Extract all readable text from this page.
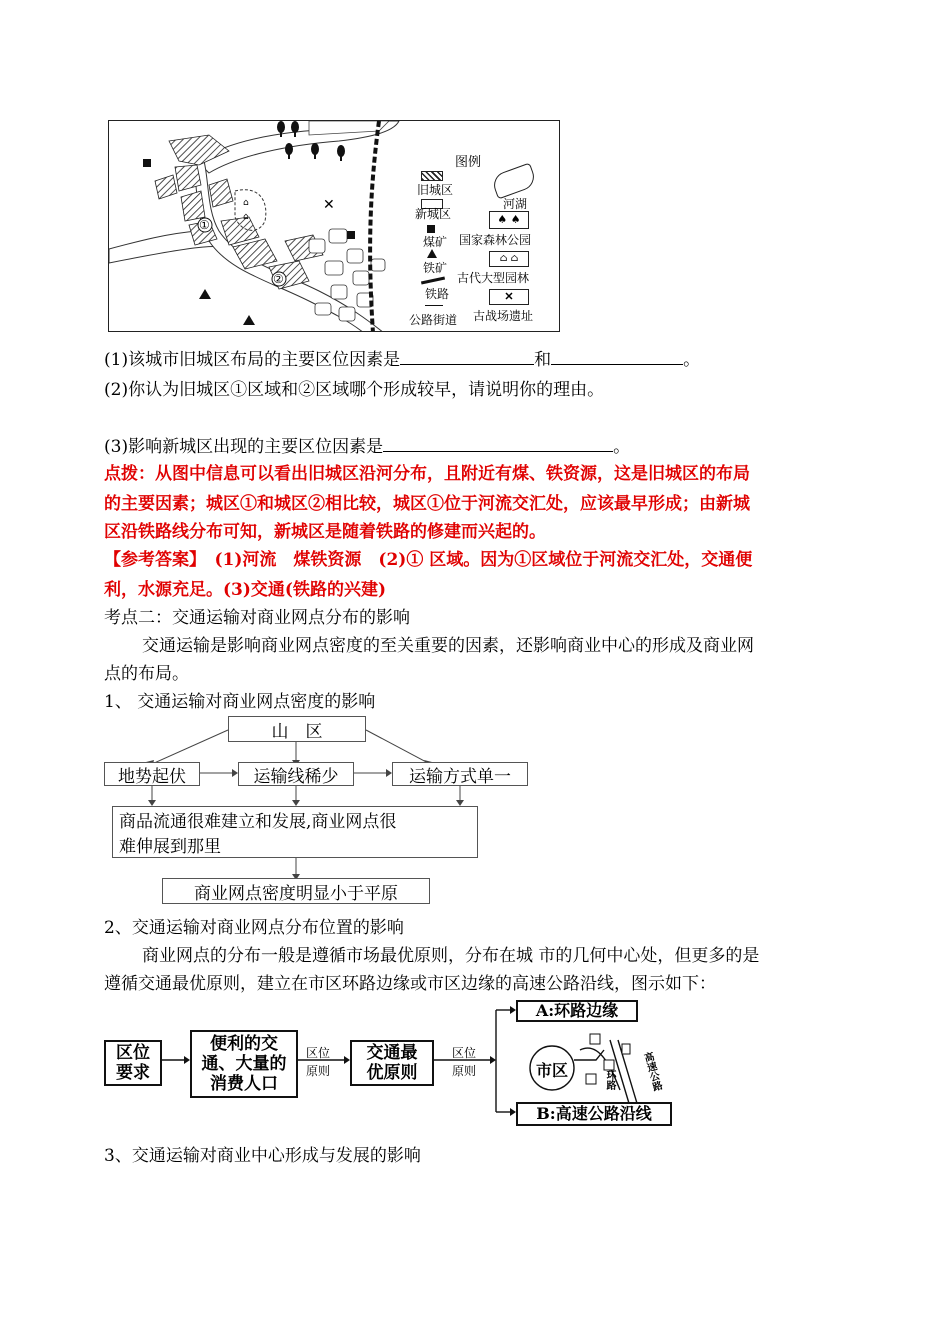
⌂
⌂
✕
①
②
图例
旧城区
新城区
煤矿
铁矿
铁路
公路街道
河湖
♠ ♠
国家森林公园
⌂ ⌂
古代大型园林
✕
古战场遗址
(1)该城市旧城区布局的主要区位因素是	和	。
(2)你认为旧城区①区域和②区域哪个形成较早，请说明你的理由。
(3)影响新城区出现的主要区位因素是	。
点拨：从图中信息可以看出旧城区沿河分布，且附近有煤、铁资源，这是旧城区的布局
的主要因素；城区①和城区②相比较，城区①位于河流交汇处，应该最早形成；由新城
区沿铁路线分布可知，新城区是随着铁路的修建而兴起的。
【参考答案】　(1)河流　煤铁资源　(2)① 区域。因为①区域位于河流交汇处，交通便
利，水源充足。(3)交通(铁路的兴建)
考点二：交通运输对商业网点分布的影响
交通运输是影响商业网点密度的至关重要的因素，还影响商业中心的形成及商业网
点的布局。
1、 交通运输对商业网点密度的影响
山　区
地势起伏	运输线稀少	运输方式单一
商品流通很难建立和发展,商业网点很
难伸展到那里
商业网点密度明显小于平原
2、交通运输对商业网点分布位置的影响
商业网点的分布一般是遵循市场最优原则，分布在城 市的几何中心处，但更多的是
遵循交通最优原则，建立在市区环路边缘或市区边缘的高速公路沿线，图示如下：
区位
要求
便利的交
通、大量的
消费人口
区位
原则
交通最
优原则
区位
原则
A:环路边缘
B:高速公路沿线
市区	环路	高速公路
3、交通运输对商业中心形成与发展的影响
